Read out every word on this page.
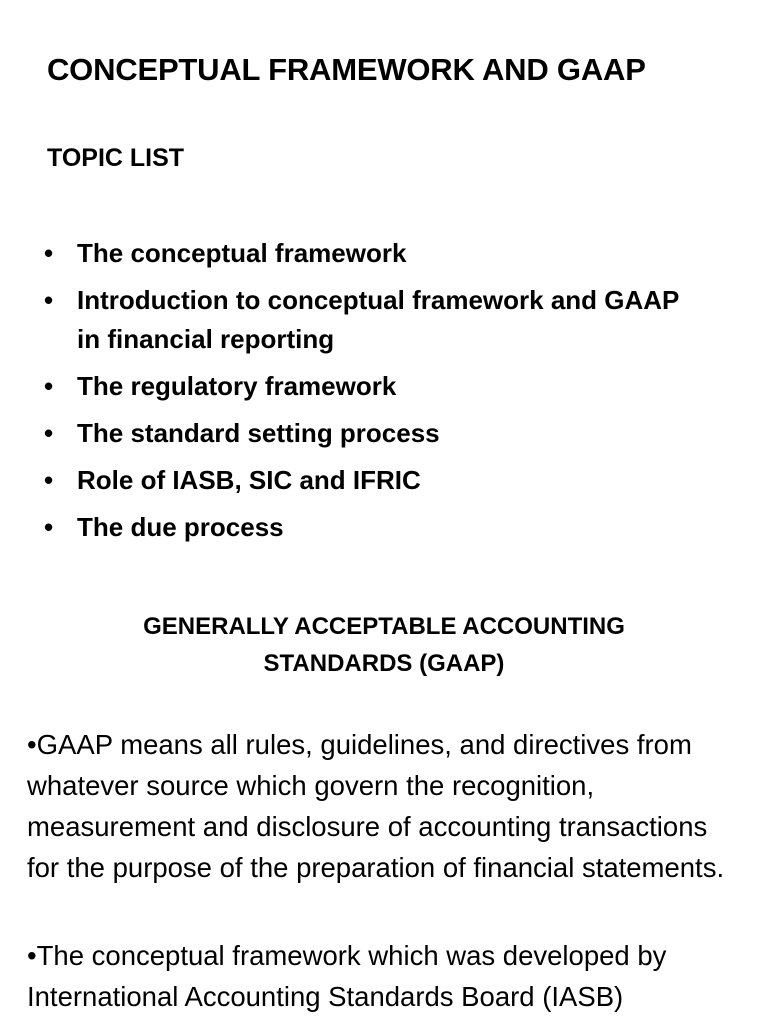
CONCEPTUAL FRAMEWORK AND GAAP
TOPIC LIST
• The conceptual framework
• Introduction to conceptual framework and GAAP in financial reporting
• The regulatory framework
• The standard setting process
• Role of IASB, SIC and IFRIC
• The due process
GENERALLY ACCEPTABLE ACCOUNTING STANDARDS (GAAP)

•GAAP means all rules, guidelines, and directives from whatever source which govern the recognition, measurement and disclosure of accounting transactions for the purpose of the preparation of financial statements.

•The conceptual framework which was developed by International Accounting Standards Board (IASB)
